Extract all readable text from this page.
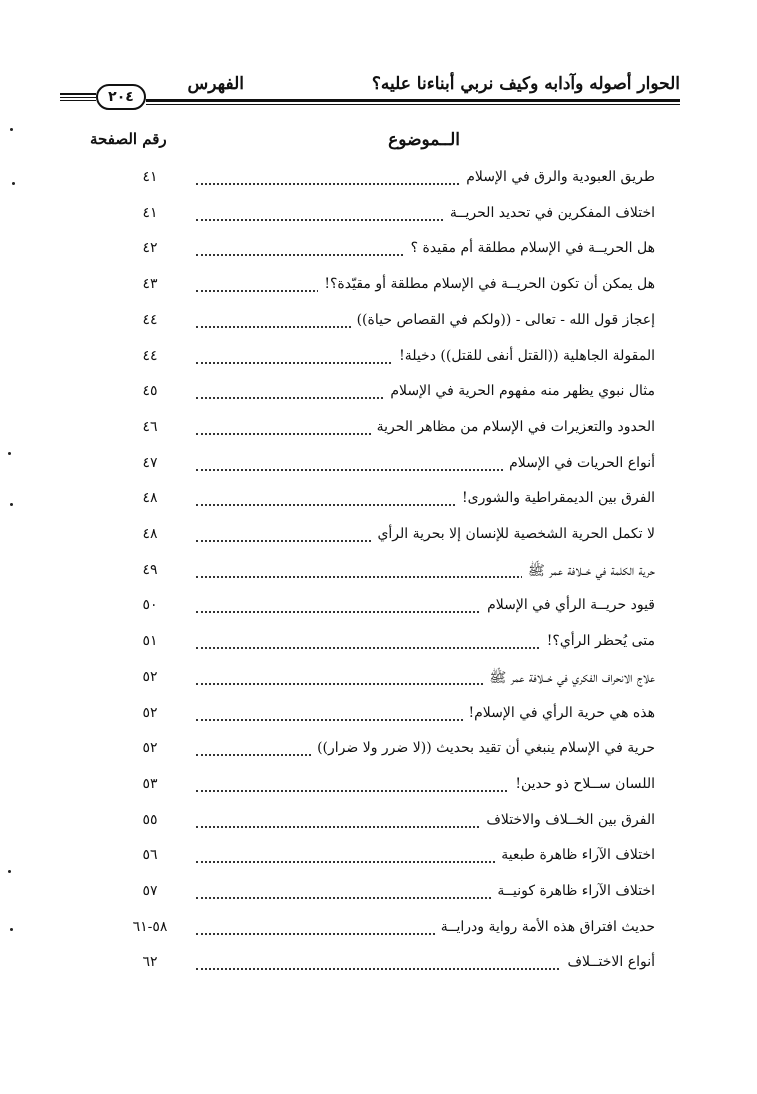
الحوار أصوله وآدابه وكيف نربي أبناءنا عليه؟
الفهرس
٢٠٤
الــموضوع
رقم الصفحة
طريق العبودية والرق في الإسلام
٤١
اختلاف المفكرين في تحديد الحريــة
٤١
هل الحريــة في الإسلام مطلقة أم مقيدة ؟
٤٢
هل يمكن أن تكون الحريــة في الإسلام مطلقة أو مقيّدة؟!
٤٣
إعجاز قول الله - تعالى - ((ولكم في القصاص حياة))
٤٤
المقولة الجاهلية ((القتل أنفى للقتل)) دخيلة!
٤٤
مثال نبوي يظهر منه مفهوم الحرية في الإسلام
٤٥
الحدود والتعزيرات في الإسلام من مظاهر الحرية
٤٦
أنواع الحريات في الإسلام
٤٧
الفرق بين الديمقراطية والشورى!
٤٨
لا تكمل الحرية الشخصية للإنسان إلا بحرية الرأي
٤٨
حرية الكلمة في خــلافة عمر ﷺ
٤٩
قيود حريــة الرأي في الإسلام
٥٠
متى يُحظر الرأي؟!
٥١
علاج الانحراف الفكري في خــلافة عمر ﷺ
٥٢
هذه هي حرية الرأي في الإسلام!
٥٢
حرية في الإسلام ينبغي أن تقيد بحديث ((لا ضرر ولا ضرار))
٥٢
اللسان ســلاح ذو حدين!
٥٣
الفرق بين الخــلاف والاختلاف
٥٥
اختلاف الآراء ظاهرة طبعية
٥٦
اختلاف الآراء ظاهرة كونيــة
٥٧
حديث افتراق هذه الأمة رواية ودرايــة
٥٨-٦١
أنواع الاختــلاف
٦٢
